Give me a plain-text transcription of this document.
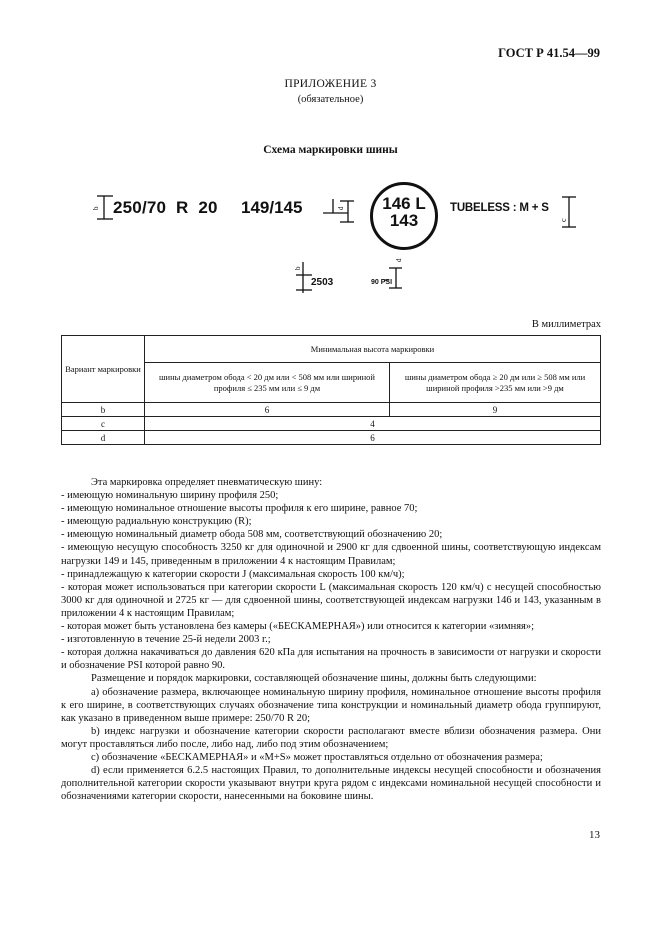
ГОСТ Р 41.54—99
ПРИЛОЖЕНИЕ 3
(обязательное)
Схема маркировки шины
b	d
c
b
d
250/70  R  20 149/145	146 L
143
TUBELESS : M + S
2503	90 PSI
В миллиметрах
Вариант маркировки	Минимальная высота маркировки	
	шины диаметром обода < 20 дм или < 508 мм или шириной профиля ≤ 235 мм или ≤ 9 дм	шины диаметром обода ≥ 20 дм или ≥ 508 мм или шириной профиля >235 мм или >9 дм
b	6	9
c	4	
d	6	

Эта маркировка определяет пневматическую шину:

- имеющую номинальную ширину профиля 250;

- имеющую номинальное отношение высоты профиля к его ширине, равное 70;

- имеющую радиальную конструкцию (R);

- имеющую номинальный диаметр обода 508 мм, соответствующий обозначению 20;

- имеющую несущую способность 3250 кг для одиночной и 2900 кг для сдвоенной шины, соответствующую индексам нагрузки 149 и 145, приведенным в приложении 4 к настоящим Правилам;

- принадлежащую к категории скорости J (максимальная скорость 100 км/ч);

- которая может использоваться при категории скорости L (максимальная скорость 120 км/ч) с несущей способностью 3000 кг для одиночной и 2725 кг — для сдвоенной шины, соответствующей индексам нагрузки 146 и 143, указанным в приложении 4 к настоящим Правилам;

- которая может быть установлена без камеры («БЕСКАМЕРНАЯ») или относится к категории «зимняя»;

- изготовленную в течение 25-й недели 2003 г.;

- которая должна накачиваться до давления 620 кПа для испытания на прочность в зависимости от нагрузки и скорости и обозначение PSI которой равно 90.

Размещение и порядок маркировки, составляющей обозначение шины, должны быть следующими:

а) обозначение размера, включающее номинальную ширину профиля, номинальное отношение высоты профиля к его ширине, в соответствующих случаях обозначение типа конструкции и номинальный диаметр обода группируют, как указано в приведенном выше примере: 250/70 R 20;

b) индекс нагрузки и обозначение категории скорости располагают вместе вблизи обозначения размера. Они могут проставляться либо после, либо над, либо под этим обозначением;

с) обозначение «БЕСКАМЕРНАЯ» и «M+S» может проставляться отдельно от обозначения размера;

d) если применяется 6.2.5 настоящих Правил, то дополнительные индексы несущей способности и обозначения дополнительной категории скорости указывают внутри круга рядом с индексами номинальной несущей способности и обозначениями категории скорости, нанесенными на боковине шины.

13
